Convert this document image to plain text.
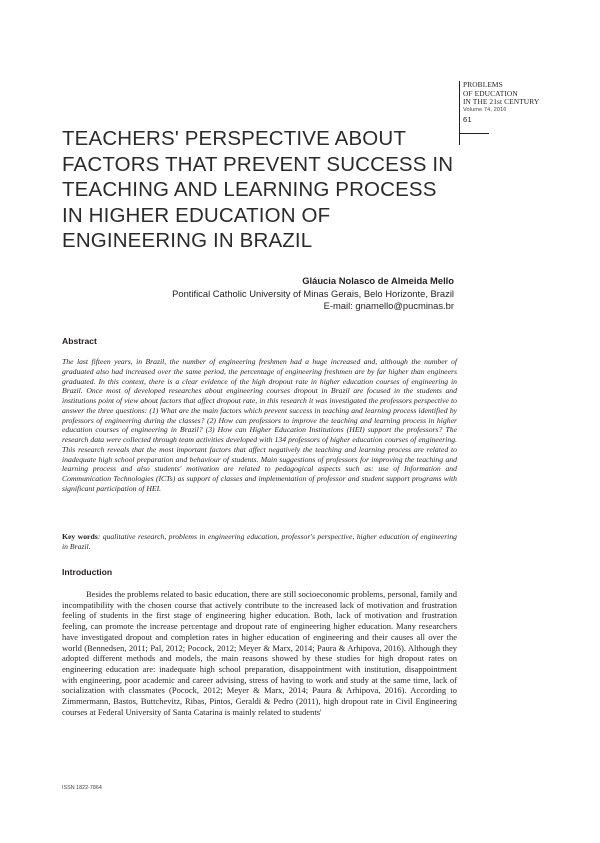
PROBLEMS
OF EDUCATION
IN THE 21st CENTURY
Volume 74, 2016
61
TEACHERS' PERSPECTIVE ABOUT FACTORS THAT PREVENT SUCCESS IN TEACHING AND LEARNING PROCESS IN HIGHER EDUCATION OF ENGINEERING IN BRAZIL
Gláucia Nolasco de Almeida Mello
Pontifical Catholic University of Minas Gerais, Belo Horizonte, Brazil
E-mail: gnamello@pucminas.br
Abstract
The last fifteen years, in Brazil, the number of engineering freshmen had a huge increased and, although the number of graduated also had increased over the same period, the percentage of engineering freshmen are by far higher than engineers graduated. In this context, there is a clear evidence of the high dropout rate in higher education courses of engineering in Brazil. Once most of developed researches about engineering courses dropout in Brazil are focused in the students and institutions point of view about factors that affect dropout rate, in this research it was investigated the professors perspective to answer the three questions: (1) What are the main factors which prevent success in teaching and learning process identified by professors of engineering during the classes? (2) How can professors to improve the teaching and learning process in higher education courses of engineering in Brazil? (3) How can Higher Education Institutions (HEI) support the professors? The research data were collected through team activities developed with 134 professors of higher education courses of engineering. This research reveals that the most important factors that affect negatively the teaching and learning process are related to inadequate high school preparation and behaviour of students. Main suggestions of professors for improving the teaching and learning process and also students' motivation are related to pedagogical aspects such as: use of Information and Communication Technologies (ICTs) as support of classes and implementation of professor and student support programs with significant participation of HEI.
Key words: qualitative research, problems in engineering education, professor's perspective, higher education of engineering in Brazil.
Introduction
Besides the problems related to basic education, there are still socioeconomic problems, personal, family and incompatibility with the chosen course that actively contribute to the increased lack of motivation and frustration feeling of students in the first stage of engineering higher education. Both, lack of motivation and frustration feeling, can promote the increase percentage and dropout rate of engineering higher education. Many researchers have investigated dropout and completion rates in higher education of engineering and their causes all over the world (Bennedsen, 2011; Pal, 2012; Pocock, 2012; Meyer & Marx, 2014; Paura & Arhipova, 2016). Although they adopted different methods and models, the main reasons showed by these studies for high dropout rates on engineering education are: inadequate high school preparation, disappointment with institution, disappointment with engineering, poor academic and career advising, stress of having to work and study at the same time, lack of socialization with classmates (Pocock, 2012; Meyer & Marx, 2014; Paura & Arhipova, 2016). According to Zimmermann, Bastos, Buttchevitz, Ribas, Pintos, Geraldi & Pedro (2011), high dropout rate in Civil Engineering courses at Federal University of Santa Catarina is mainly related to students'
ISSN 1822-7864
